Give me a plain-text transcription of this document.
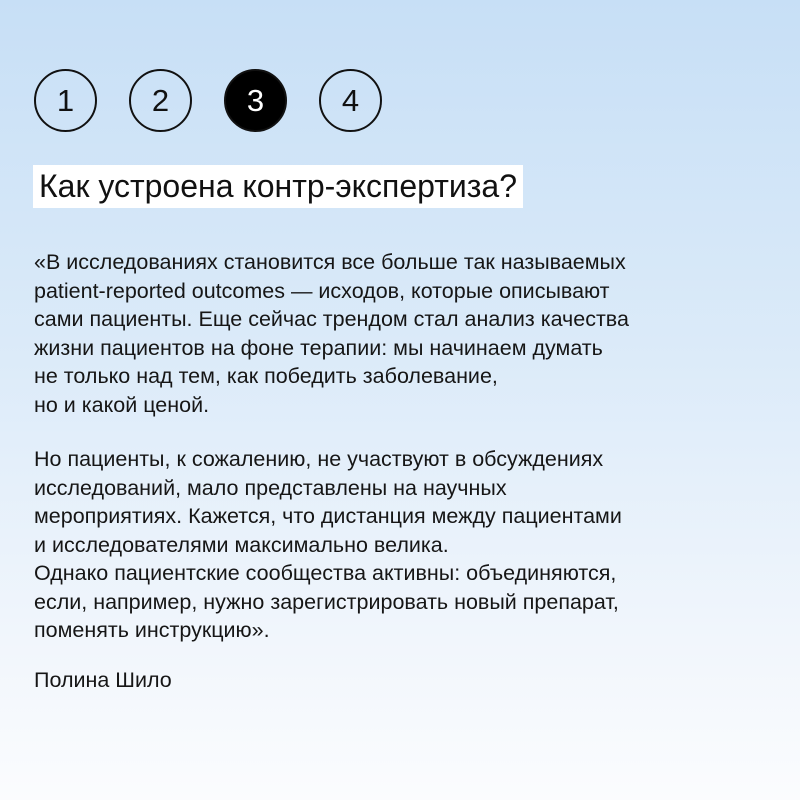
1	2	3	4
Как устроена контр-экспертиза?
«В исследованиях становится все больше так называемых
patient-reported outcomes — исходов, которые описывают
сами пациенты. Еще сейчас трендом стал анализ качества
жизни пациентов на фоне терапии: мы начинаем думать
не только над тем, как победить заболевание,
но и какой ценой.
Но пациенты, к сожалению, не участвуют в обсуждениях
исследований, мало представлены на научных
мероприятиях. Кажется, что дистанция между пациентами
и исследователями максимально велика.
Однако пациентские сообщества активны: объединяются,
если, например, нужно зарегистрировать новый препарат,
поменять инструкцию».
Полина Шило
